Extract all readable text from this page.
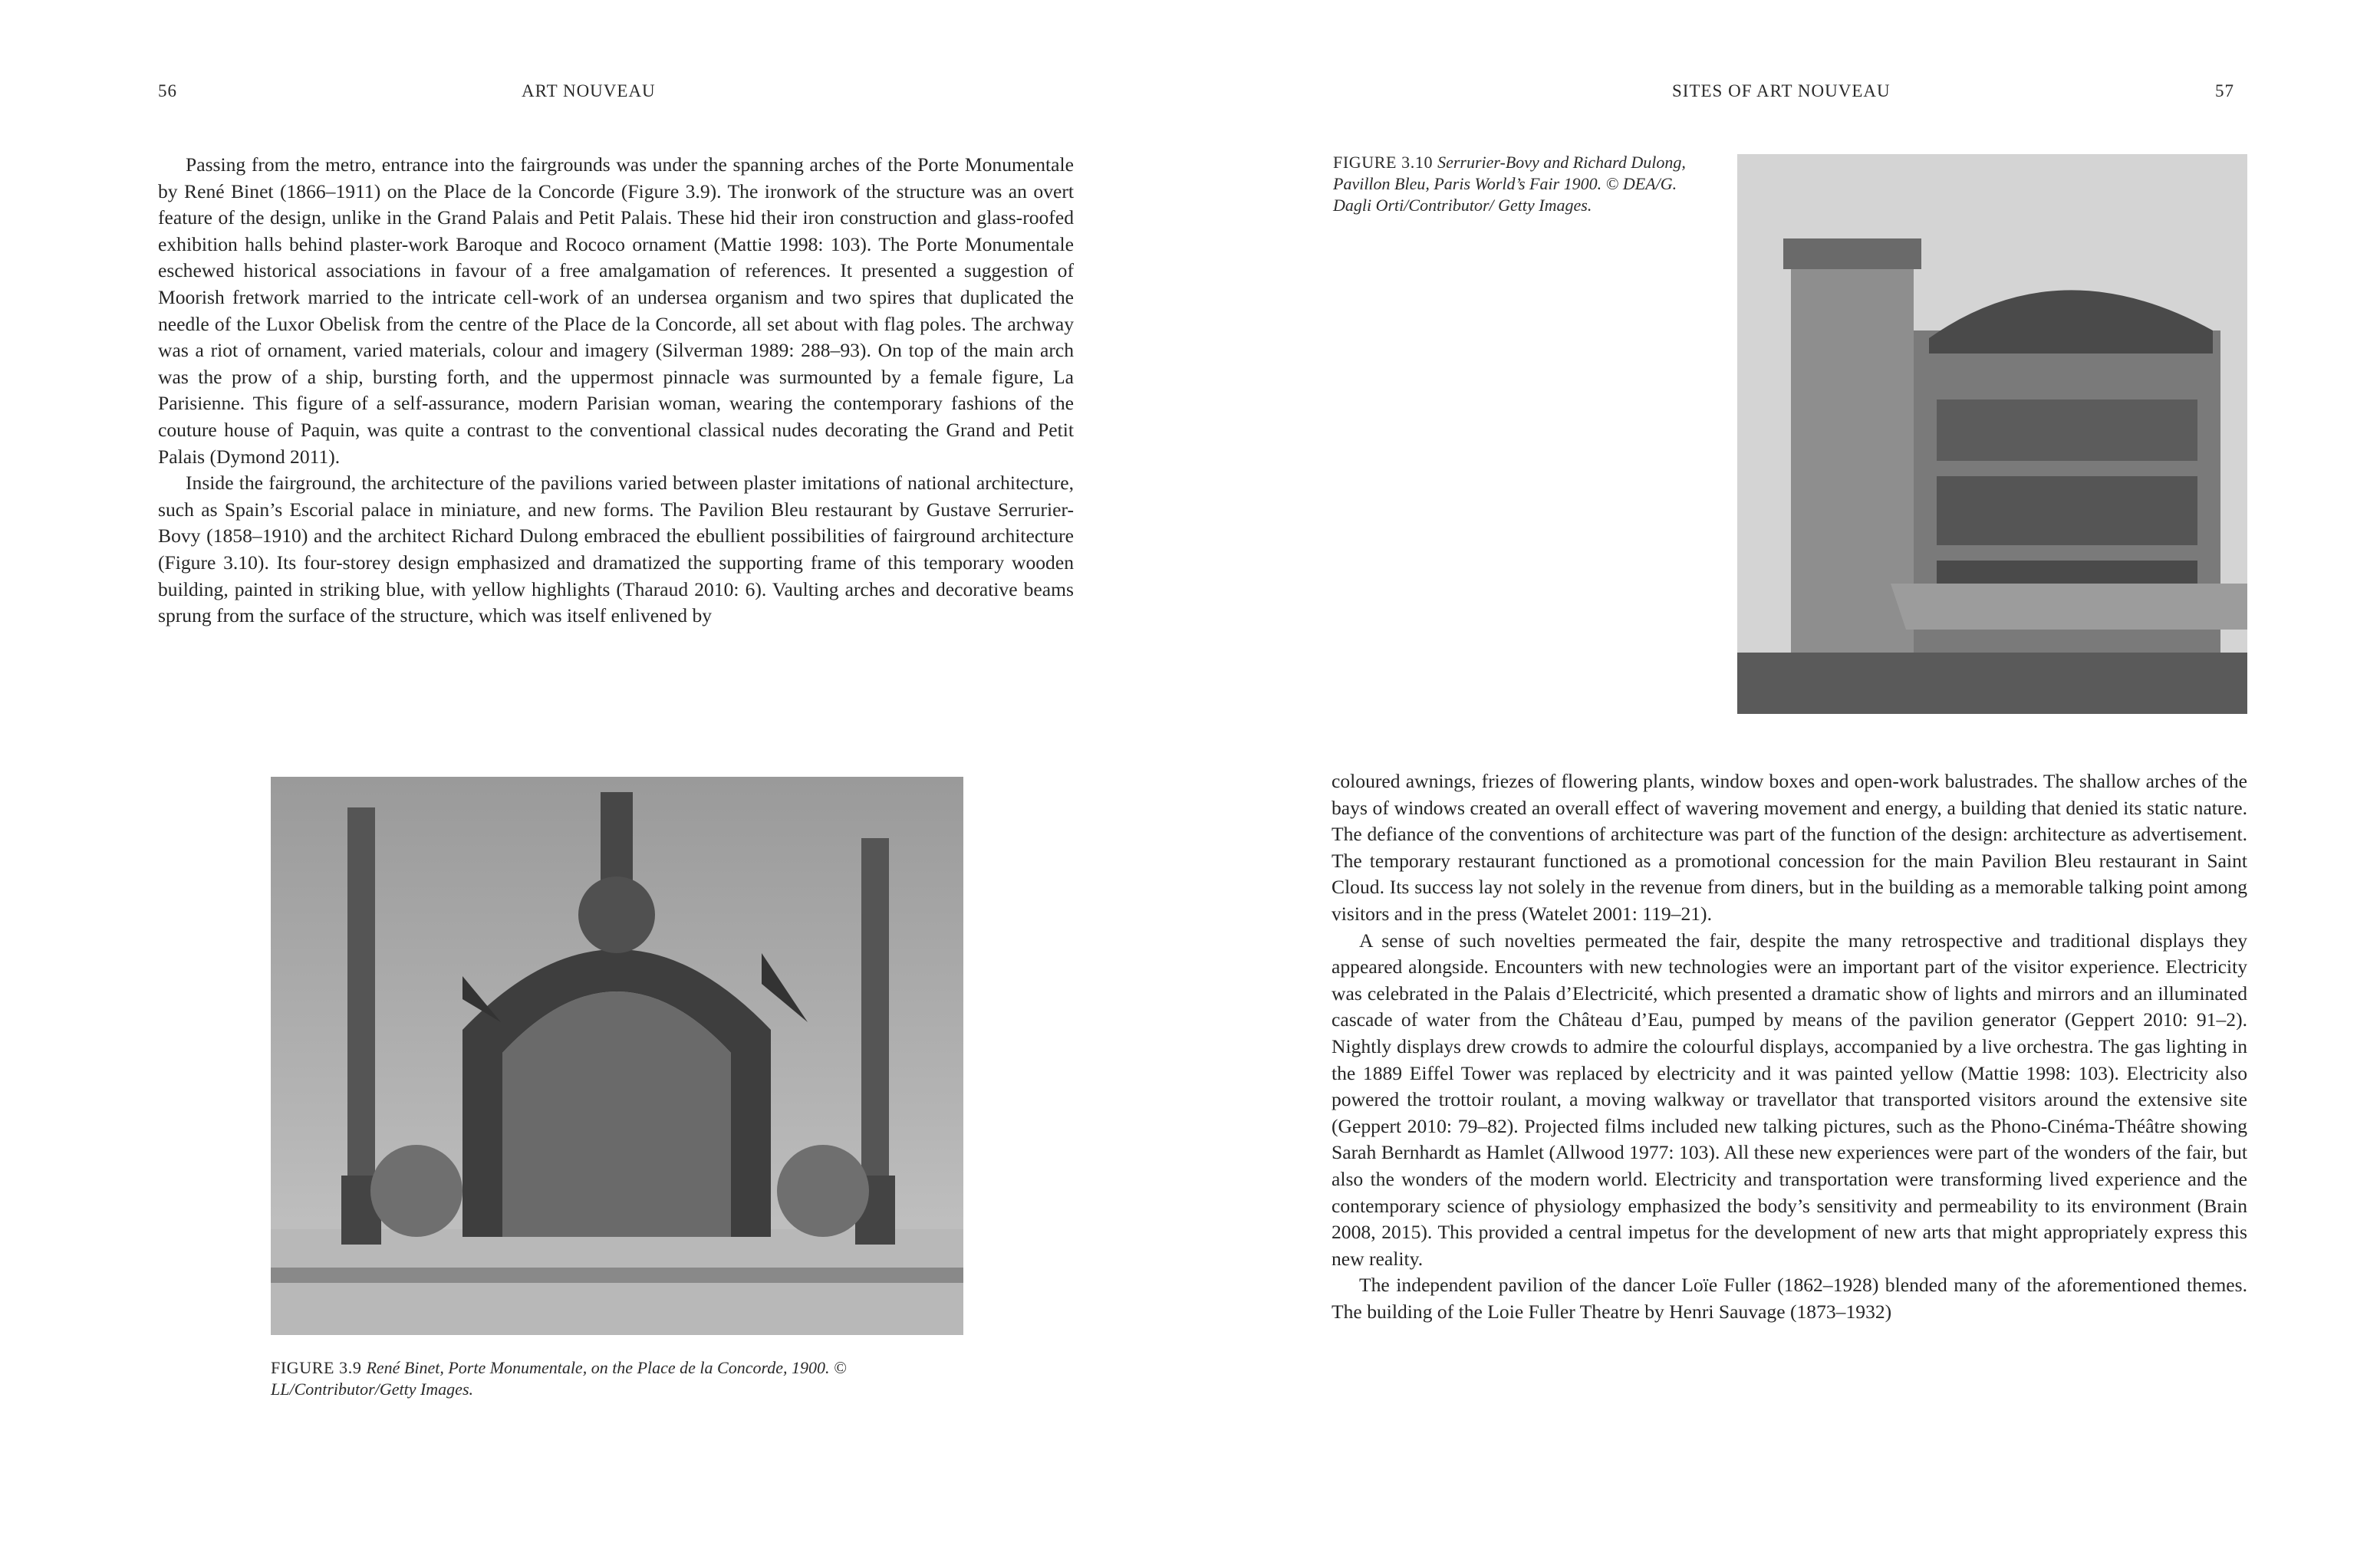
56	ART NOUVEAU

Passing from the metro, entrance into the fairgrounds was under the spanning arches of the Porte Monumentale by René Binet (1866–1911) on the Place de la Concorde (Figure 3.9). The ironwork of the structure was an overt feature of the design, unlike in the Grand Palais and Petit Palais. These hid their iron construction and glass-roofed exhibition halls behind plaster-work Baroque and Rococo ornament (Mattie 1998: 103). The Porte Monumentale eschewed historical associations in favour of a free amalgamation of references. It presented a suggestion of Moorish fretwork married to the intricate cell-work of an undersea organism and two spires that duplicated the needle of the Luxor Obelisk from the centre of the Place de la Concorde, all set about with flag poles. The archway was a riot of ornament, varied materials, colour and imagery (Silverman 1989: 288–93). On top of the main arch was the prow of a ship, bursting forth, and the uppermost pinnacle was surmounted by a female figure, La Parisienne. This figure of a self-assurance, modern Parisian woman, wearing the contemporary fashions of the couture house of Paquin, was quite a contrast to the conventional classical nudes decorating the Grand and Petit Palais (Dymond 2011).

Inside the fairground, the architecture of the pavilions varied between plaster imitations of national architecture, such as Spain’s Escorial palace in miniature, and new forms. The Pavilion Bleu restaurant by Gustave Serrurier-Bovy (1858–1910) and the architect Richard Dulong embraced the ebullient possibilities of fairground architecture (Figure 3.10). Its four-storey design emphasized and dramatized the supporting frame of this temporary wooden building, painted in striking blue, with yellow highlights (Tharaud 2010: 6). Vaulting arches and decorative beams sprung from the surface of the structure, which was itself enlivened by

FIGURE 3.9 René Binet, Porte Monumentale, on the Place de la Concorde, 1900. © LL/Contributor/Getty Images.
SITES OF ART NOUVEAU	57
FIGURE 3.10 Serrurier-Bovy and Richard Dulong, Pavillon Bleu, Paris World’s Fair 1900. © DEA/G. Dagli Orti/Contributor/ Getty Images.

coloured awnings, friezes of flowering plants, window boxes and open-work balustrades. The shallow arches of the bays of windows created an overall effect of wavering movement and energy, a building that denied its static nature. The defiance of the conventions of architecture was part of the function of the design: architecture as advertisement. The temporary restaurant functioned as a promotional concession for the main Pavilion Bleu restaurant in Saint Cloud. Its success lay not solely in the revenue from diners, but in the building as a memorable talking point among visitors and in the press (Watelet 2001: 119–21).

A sense of such novelties permeated the fair, despite the many retrospective and traditional displays they appeared alongside. Encounters with new technologies were an important part of the visitor experience. Electricity was celebrated in the Palais d’Electricité, which presented a dramatic show of lights and mirrors and an illuminated cascade of water from the Château d’Eau, pumped by means of the pavilion generator (Geppert 2010: 91–2). Nightly displays drew crowds to admire the colourful displays, accompanied by a live orchestra. The gas lighting in the 1889 Eiffel Tower was replaced by electricity and it was painted yellow (Mattie 1998: 103). Electricity also powered the trottoir roulant, a moving walkway or travellator that transported visitors around the extensive site (Geppert 2010: 79–82). Projected films included new talking pictures, such as the Phono-Cinéma-Théâtre showing Sarah Bernhardt as Hamlet (Allwood 1977: 103). All these new experiences were part of the wonders of the fair, but also the wonders of the modern world. Electricity and transportation were transforming lived experience and the contemporary science of physiology emphasized the body’s sensitivity and permeability to its environment (Brain 2008, 2015). This provided a central impetus for the development of new arts that might appropriately express this new reality.

The independent pavilion of the dancer Loïe Fuller (1862–1928) blended many of the aforementioned themes. The building of the Loie Fuller Theatre by Henri Sauvage (1873–1932)
